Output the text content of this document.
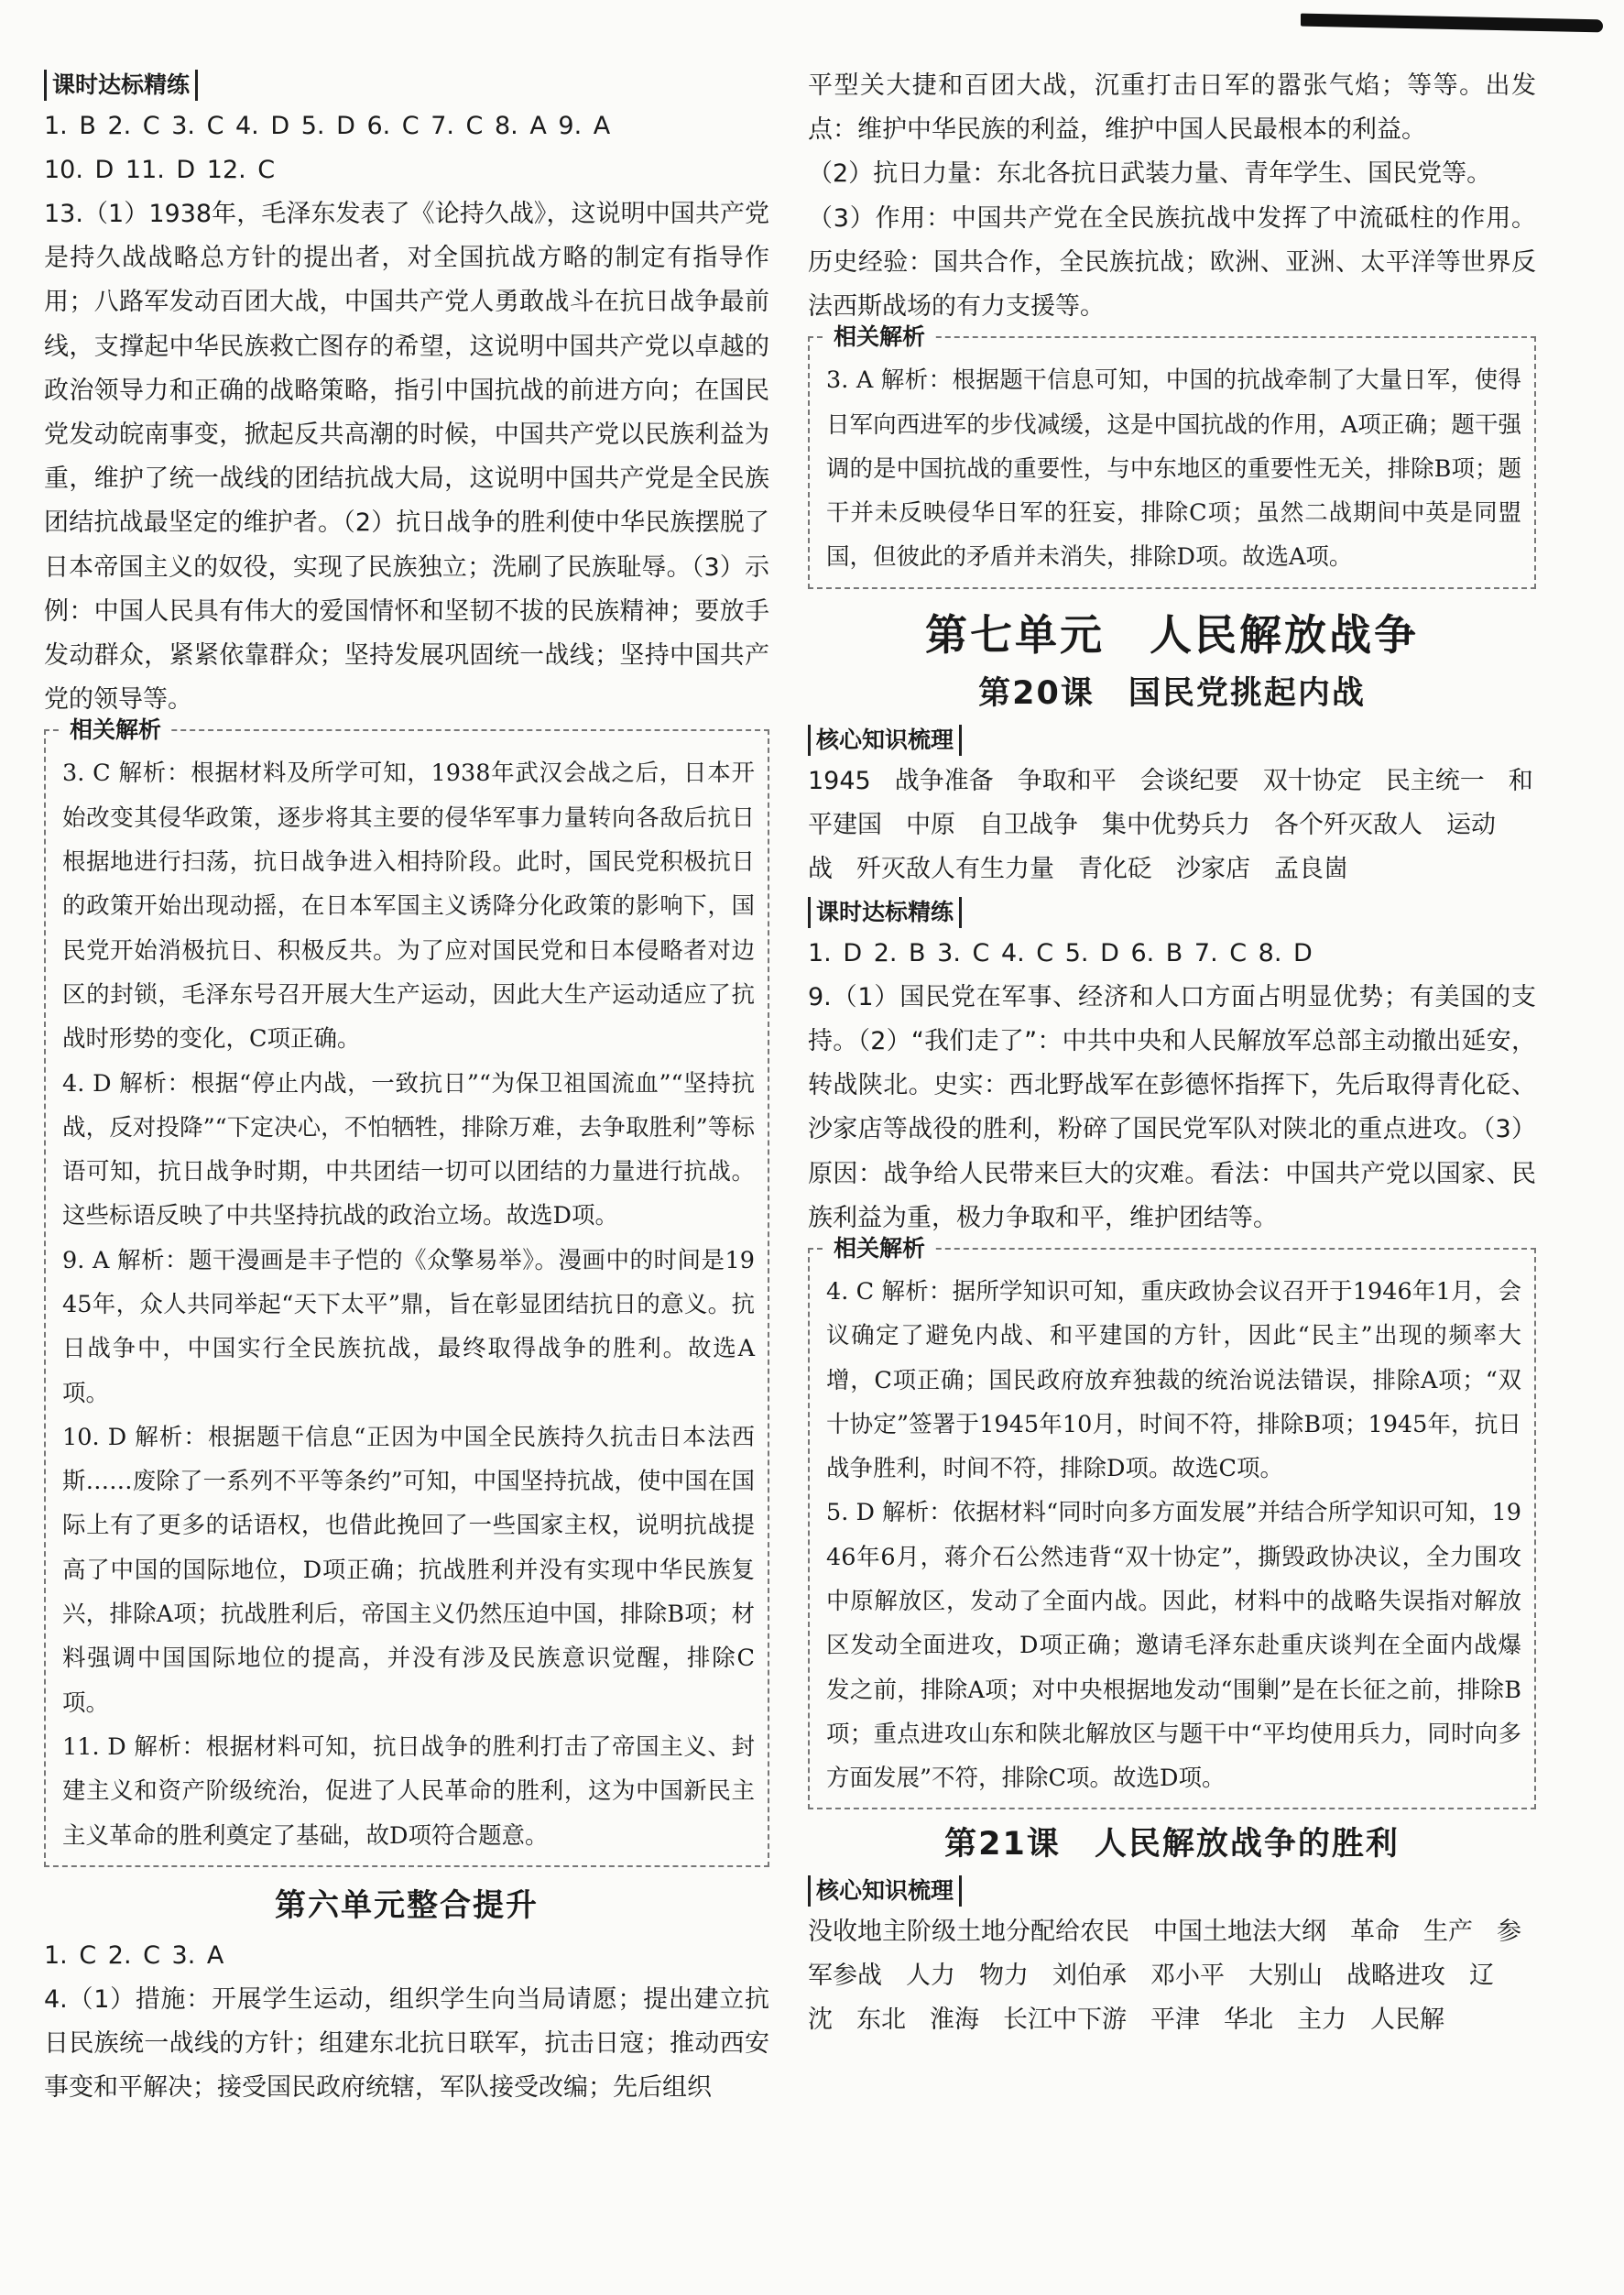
课时达标精练

1. B 2. C 3. C 4. D 5. D 6. C 7. C 8. A 9. A

10. D 11. D 12. C

13.（1）1938年，毛泽东发表了《论持久战》，这说明中国共产党是持久战战略总方针的提出者，对全国抗战方略的制定有指导作用；八路军发动百团大战，中国共产党人勇敢战斗在抗日战争最前线，支撑起中华民族救亡图存的希望，这说明中国共产党以卓越的政治领导力和正确的战略策略，指引中国抗战的前进方向；在国民党发动皖南事变，掀起反共高潮的时候，中国共产党以民族利益为重，维护了统一战线的团结抗战大局，这说明中国共产党是全民族团结抗战最坚定的维护者。（2）抗日战争的胜利使中华民族摆脱了日本帝国主义的奴役，实现了民族独立；洗刷了民族耻辱。（3）示例：中国人民具有伟大的爱国情怀和坚韧不拔的民族精神；要放手发动群众，紧紧依靠群众；坚持发展巩固统一战线；坚持中国共产党的领导等。

相关解析

3. C 解析：根据材料及所学可知，1938年武汉会战之后，日本开始改变其侵华政策，逐步将其主要的侵华军事力量转向各敌后抗日根据地进行扫荡，抗日战争进入相持阶段。此时，国民党积极抗日的政策开始出现动摇，在日本军国主义诱降分化政策的影响下，国民党开始消极抗日、积极反共。为了应对国民党和日本侵略者对边区的封锁，毛泽东号召开展大生产运动，因此大生产运动适应了抗战时形势的变化，C项正确。

4. D 解析：根据“停止内战，一致抗日”“为保卫祖国流血”“坚持抗战，反对投降”“下定决心，不怕牺牲，排除万难，去争取胜利”等标语可知，抗日战争时期，中共团结一切可以团结的力量进行抗战。这些标语反映了中共坚持抗战的政治立场。故选D项。

9. A 解析：题干漫画是丰子恺的《众擎易举》。漫画中的时间是1945年，众人共同举起“天下太平”鼎，旨在彰显团结抗日的意义。抗日战争中，中国实行全民族抗战，最终取得战争的胜利。故选A项。

10. D 解析：根据题干信息“正因为中国全民族持久抗击日本法西斯……废除了一系列不平等条约”可知，中国坚持抗战，使中国在国际上有了更多的话语权，也借此挽回了一些国家主权，说明抗战提高了中国的国际地位，D项正确；抗战胜利并没有实现中华民族复兴，排除A项；抗战胜利后，帝国主义仍然压迫中国，排除B项；材料强调中国国际地位的提高，并没有涉及民族意识觉醒，排除C项。

11. D 解析：根据材料可知，抗日战争的胜利打击了帝国主义、封建主义和资产阶级统治，促进了人民革命的胜利，这为中国新民主主义革命的胜利奠定了基础，故D项符合题意。

第六单元整合提升

1. C 2. C 3. A

4.（1）措施：开展学生运动，组织学生向当局请愿；提出建立抗日民族统一战线的方针；组建东北抗日联军，抗击日寇；推动西安事变和平解决；接受国民政府统辖，军队接受改编；先后组织

平型关大捷和百团大战，沉重打击日军的嚣张气焰；等等。出发点：维护中华民族的利益，维护中国人民最根本的利益。

（2）抗日力量：东北各抗日武装力量、青年学生、国民党等。

（3）作用：中国共产党在全民族抗战中发挥了中流砥柱的作用。历史经验：国共合作，全民族抗战；欧洲、亚洲、太平洋等世界反法西斯战场的有力支援等。

相关解析

3. A 解析：根据题干信息可知，中国的抗战牵制了大量日军，使得日军向西进军的步伐减缓，这是中国抗战的作用，A项正确；题干强调的是中国抗战的重要性，与中东地区的重要性无关，排除B项；题干并未反映侵华日军的狂妄，排除C项；虽然二战期间中英是同盟国，但彼此的矛盾并未消失，排除D项。故选A项。

第七单元　人民解放战争
第20课　国民党挑起内战
核心知识梳理

1945 战争准备 争取和平 会谈纪要 双十协定 民主统一 和平建国 中原 自卫战争 集中优势兵力 各个歼灭敌人 运动战 歼灭敌人有生力量 青化砭 沙家店 孟良崮

课时达标精练

1. D 2. B 3. C 4. C 5. D 6. B 7. C 8. D

9.（1）国民党在军事、经济和人口方面占明显优势；有美国的支持。（2）“我们走了”：中共中央和人民解放军总部主动撤出延安，转战陕北。史实：西北野战军在彭德怀指挥下，先后取得青化砭、沙家店等战役的胜利，粉碎了国民党军队对陕北的重点进攻。（3）原因：战争给人民带来巨大的灾难。看法：中国共产党以国家、民族利益为重，极力争取和平，维护团结等。

相关解析

4. C 解析：据所学知识可知，重庆政协会议召开于1946年1月，会议确定了避免内战、和平建国的方针，因此“民主”出现的频率大增，C项正确；国民政府放弃独裁的统治说法错误，排除A项；“双十协定”签署于1945年10月，时间不符，排除B项；1945年，抗日战争胜利，时间不符，排除D项。故选C项。

5. D 解析：依据材料“同时向多方面发展”并结合所学知识可知，1946年6月，蒋介石公然违背“双十协定”，撕毁政协决议，全力围攻中原解放区，发动了全面内战。因此，材料中的战略失误指对解放区发动全面进攻，D项正确；邀请毛泽东赴重庆谈判在全面内战爆发之前，排除A项；对中央根据地发动“围剿”是在长征之前，排除B项；重点进攻山东和陕北解放区与题干中“平均使用兵力，同时向多方面发展”不符，排除C项。故选D项。

第21课　人民解放战争的胜利
核心知识梳理

没收地主阶级土地分配给农民 中国土地法大纲 革命 生产 参军参战 人力 物力 刘伯承 邓小平 大别山 战略进攻 辽沈 东北 淮海 长江中下游 平津 华北 主力 人民解
